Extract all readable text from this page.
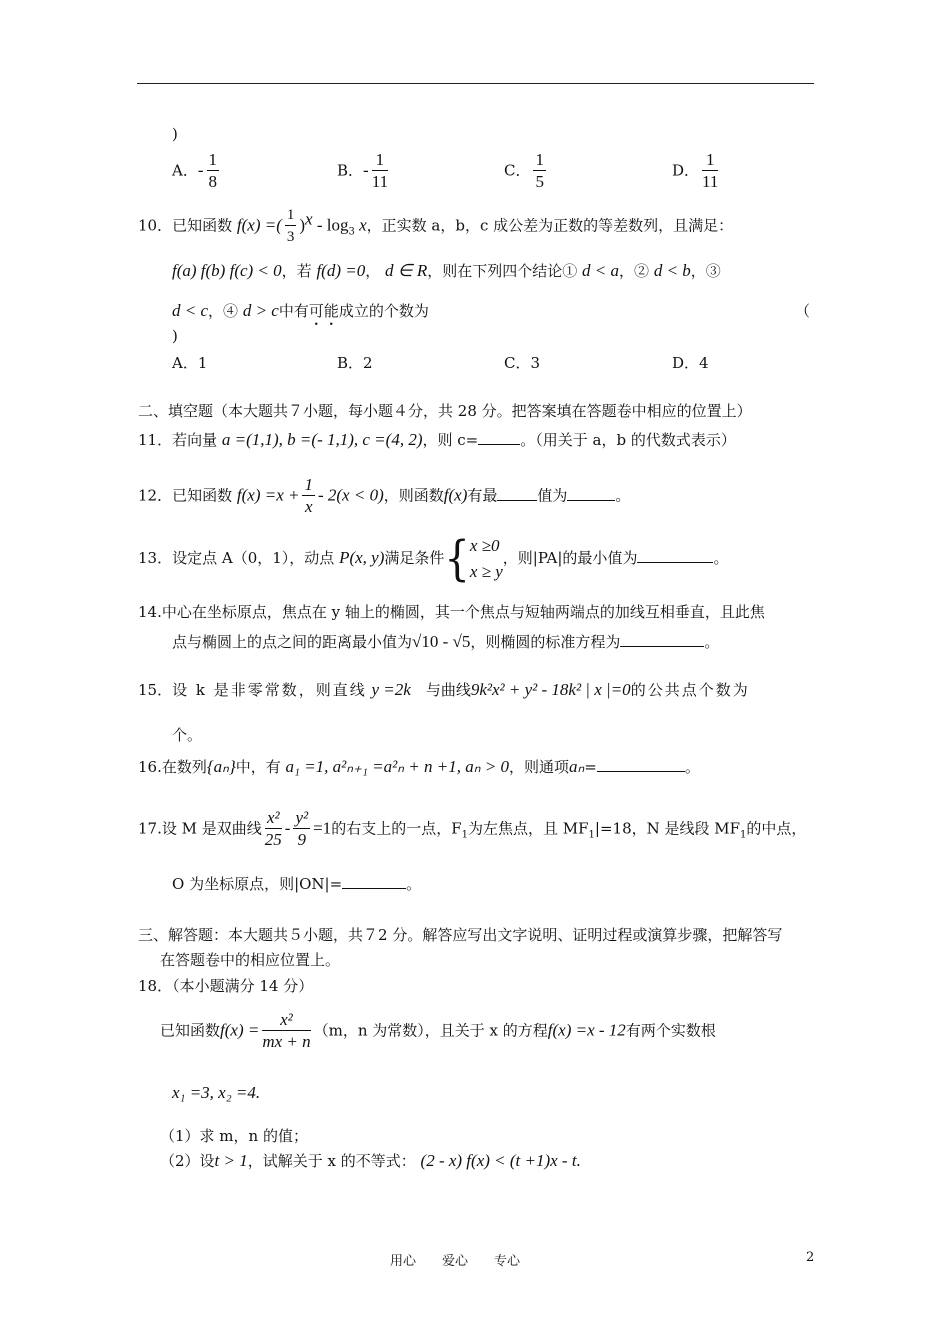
)
A．- $\frac{1}{8}$	B．- $\frac{1}{11}$	C． $\frac{1}{5}$	D． $\frac{1}{11}$
10．已知函数 f(x) =( $\frac{1}{3} )^x - \log_3 x$，正实数 a，b，c 成公差为正数的等差数列，且满足：
f(a) f(b) f(c) < 0，若 f(d) =0， d ∈ R，则在下列四个结论① d < a，② d < b，③
d < c，④ d > c中有可能成立的个数为	（
)
A．1	B．2	C．3	D．4
二、填空题（本大题共７小题，每小题４分，共 28 分。把答案填在答题卷中相应的位置上）
11．若向量 a =(1,1), b =(- 1,1), c =(4, 2)，则 c=	。（用关于 a，b 的代数式表示）
12．已知函数 $f(x) =x + \frac{1}{x} - 2(x < 0)$，则函数f(x)有最	值为	。
13．设定点 A（0，1），动点 P(x, y)满足条件{ x ≥0
x ≥ y
，则|PA|的最小值为	。
14.中心在坐标原点，焦点在 y 轴上的椭圆，其一个焦点与短轴两端点的加线互相垂直，且此焦
点与椭圆上的点之间的距离最小值为√10 - √5，则椭圆的标准方程为	。
15．设 k 是非零常数，则直线 y =2k　 与曲线9k²x² + y² - 18k² | x |=0的公共点个数为
个。
16.在数列{aₙ}中，有 a₁ =1, a²ₙ₊₁ =a²ₙ + n +1, aₙ > 0，则通项aₙ=	。
17.设 M 是双曲线 $\frac{\text{x²}}{25} - \frac{\text{y²}}{9} =1$的右支上的一点，$F_1$为左焦点，且 $MF_1|=18$，N 是线段 $MF_1$的中点，
O 为坐标原点，则|ON|=	。
三、解答题：本大题共５小题，共７2 分。解答应写出文字说明、证明过程或演算步骤，把解答写
在答题卷中的相应位置上。
18．（本小题满分 14 分）
已知函数$f(x) = \frac{\text{x²}}{mx + n} (m$，n 为常数），且关于 x 的方程f(x) =x - 12有两个实数根
x₁ =3, x₂ =4.
（1）求 m，n 的值；
（2）设t > 1，试解关于 x 的不等式： (2 - x) f(x) < (t +1)x - t.
用心　　爱心　　专心	2
